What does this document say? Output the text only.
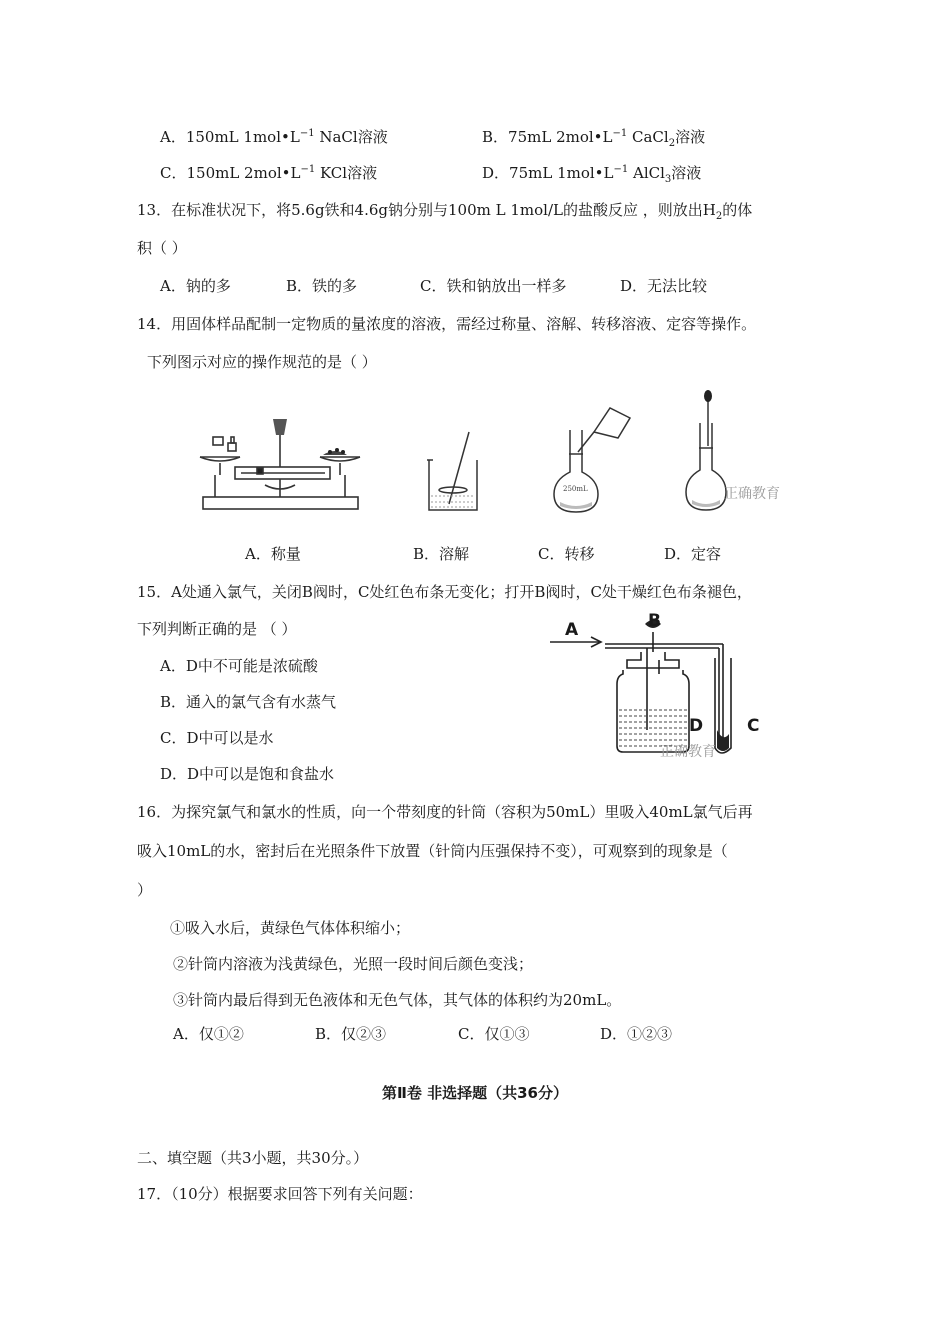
A．150mL $1mol•L^{-1}$ NaCl溶液	B．75mL $2mol•L^{-1}$ CaCl$_2$溶液
C．150mL $2mol•L^{-1}$ KCl溶液	D．75mL $1mol•L^{-1}$ AlCl$_3$溶液
13．在标准状况下，将5.6g铁和4.6g钠分别与100m L 1mol/L的盐酸反应 ，则放出$H_2$的体
积（ ）
A．钠的多	B．铁的多	C．铁和钠放出一样多	D．无法比较
14．用固体样品配制一定物质的量浓度的溶液，需经过称量、溶解、转移溶液、定容等操作。
下列图示对应的操作规范的是（ ）
250mL	正确教育
A．称量	B．溶解	C．转移	D．定容
15．A处通入氯气，关闭B阀时，C处红色布条无变化；打开B阀时，C处干燥红色布条褪色，
下列判断正确的是 （ ）
A．D中不可能是浓硫酸
B．通入的氯气含有水蒸气
C．D中可以是水
D．D中可以是饱和食盐水
A	B
D	C
正确教育
16．为探究氯气和氯水的性质，向一个带刻度的针筒（容积为50mL）里吸入40mL氯气后再
吸入10mL的水，密封后在光照条件下放置（针筒内压强保持不变），可观察到的现象是（
）
①吸入水后，黄绿色气体体积缩小；
②针筒内溶液为浅黄绿色，光照一段时间后颜色变浅；
③针筒内最后得到无色液体和无色气体，其气体的体积约为20mL。
A．仅①②	B．仅②③	C．仅①③	D．①②③
第Ⅱ卷 非选择题（共36分）
二、填空题（共3小题，共30分。）
17．（10分）根据要求回答下列有关问题：
